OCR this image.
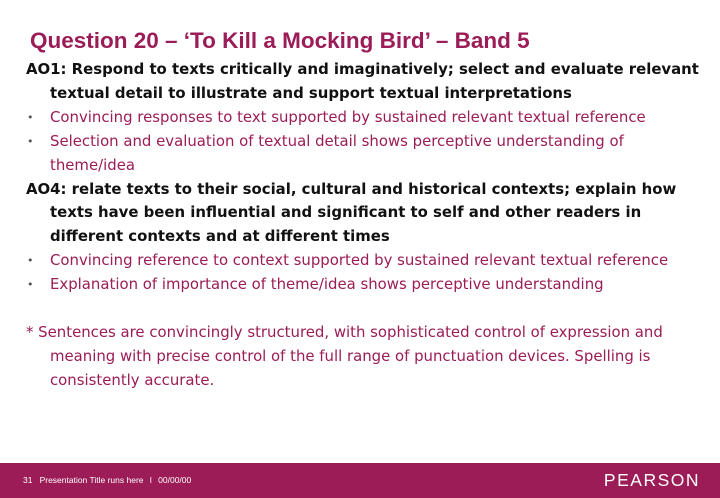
Question 20 – ‘To Kill a Mocking Bird’ – Band 5
AO1: Respond to texts critically and imaginatively; select and evaluate relevant textual detail to illustrate and support textual interpretations
• Convincing responses to text supported by sustained relevant textual reference
• Selection and evaluation of textual detail shows perceptive understanding of theme/idea
AO4: relate texts to their social, cultural and historical contexts; explain how texts have been influential and significant to self and other readers in different contexts and at different times
• Convincing reference to context supported by sustained relevant textual reference
• Explanation of importance of theme/idea shows perceptive understanding
* Sentences are convincingly structured, with sophisticated control of expression and meaning with precise control of the full range of punctuation devices. Spelling is consistently accurate.
31 Presentation Title runs here l 00/00/00	PEARSON
